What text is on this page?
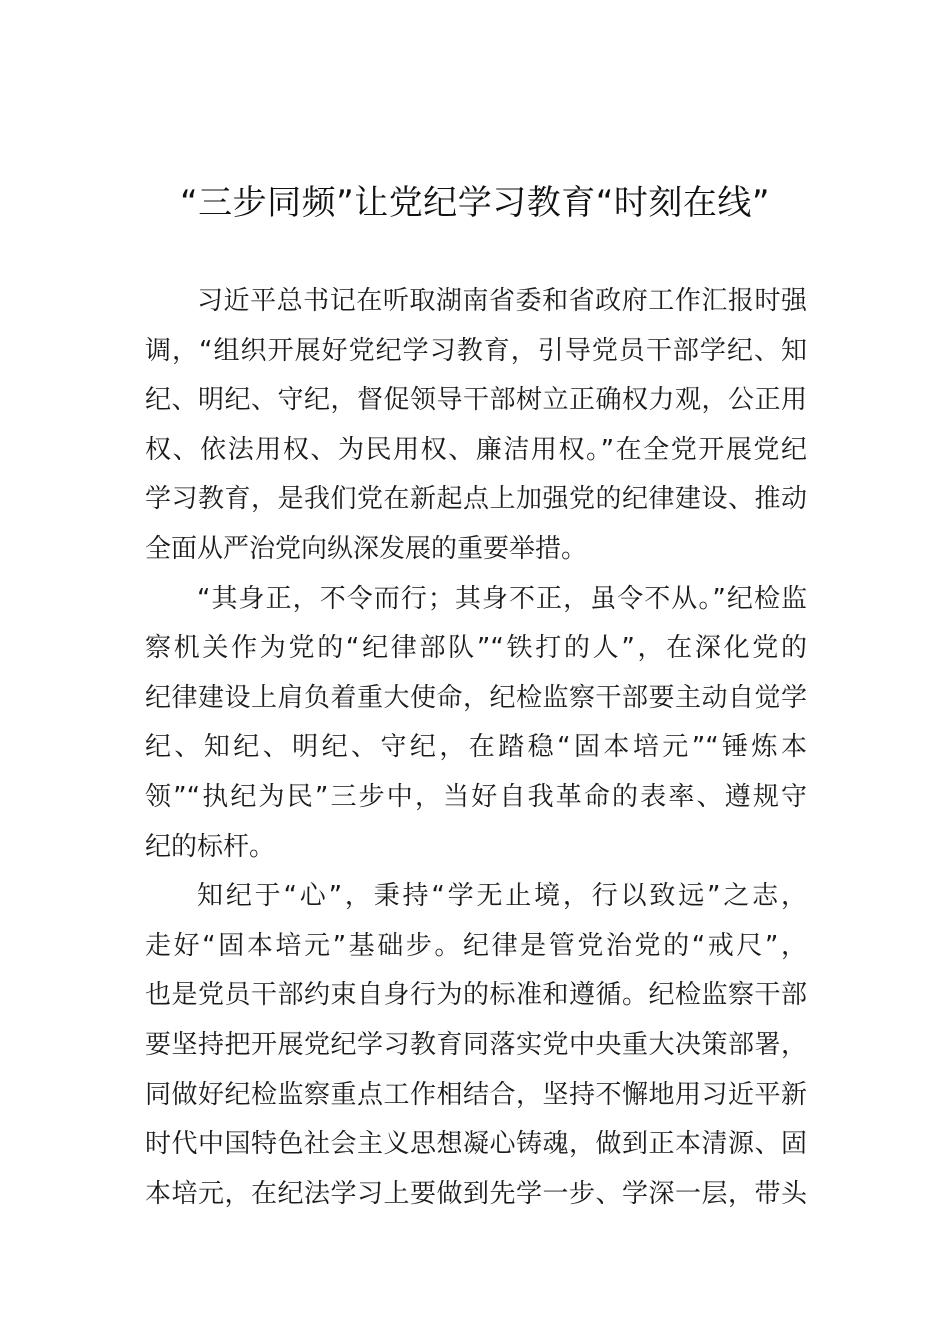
“三步同频”让党纪学习教育“时刻在线”
习近平总书记在听取湖南省委和省政府工作汇报时强
调，“组织开展好党纪学习教育，引导党员干部学纪、知
纪、明纪、守纪，督促领导干部树立正确权力观，公正用
权、依法用权、为民用权、廉洁用权。”在全党开展党纪
学习教育，是我们党在新起点上加强党的纪律建设、推动
全面从严治党向纵深发展的重要举措。
“其身正，不令而行；其身不正，虽令不从。”纪检监
察机关作为党的“纪律部队”“铁打的人”，在深化党的
纪律建设上肩负着重大使命，纪检监察干部要主动自觉学
纪、知纪、明纪、守纪，在踏稳“固本培元”“锤炼本
领”“执纪为民”三步中，当好自我革命的表率、遵规守
纪的标杆。
知纪于“心”，秉持“学无止境，行以致远”之志，
走好“固本培元”基础步。纪律是管党治党的“戒尺”，
也是党员干部约束自身行为的标准和遵循。纪检监察干部
要坚持把开展党纪学习教育同落实党中央重大决策部署，
同做好纪检监察重点工作相结合，坚持不懈地用习近平新
时代中国特色社会主义思想凝心铸魂，做到正本清源、固
本培元，在纪法学习上要做到先学一步、学深一层，带头
